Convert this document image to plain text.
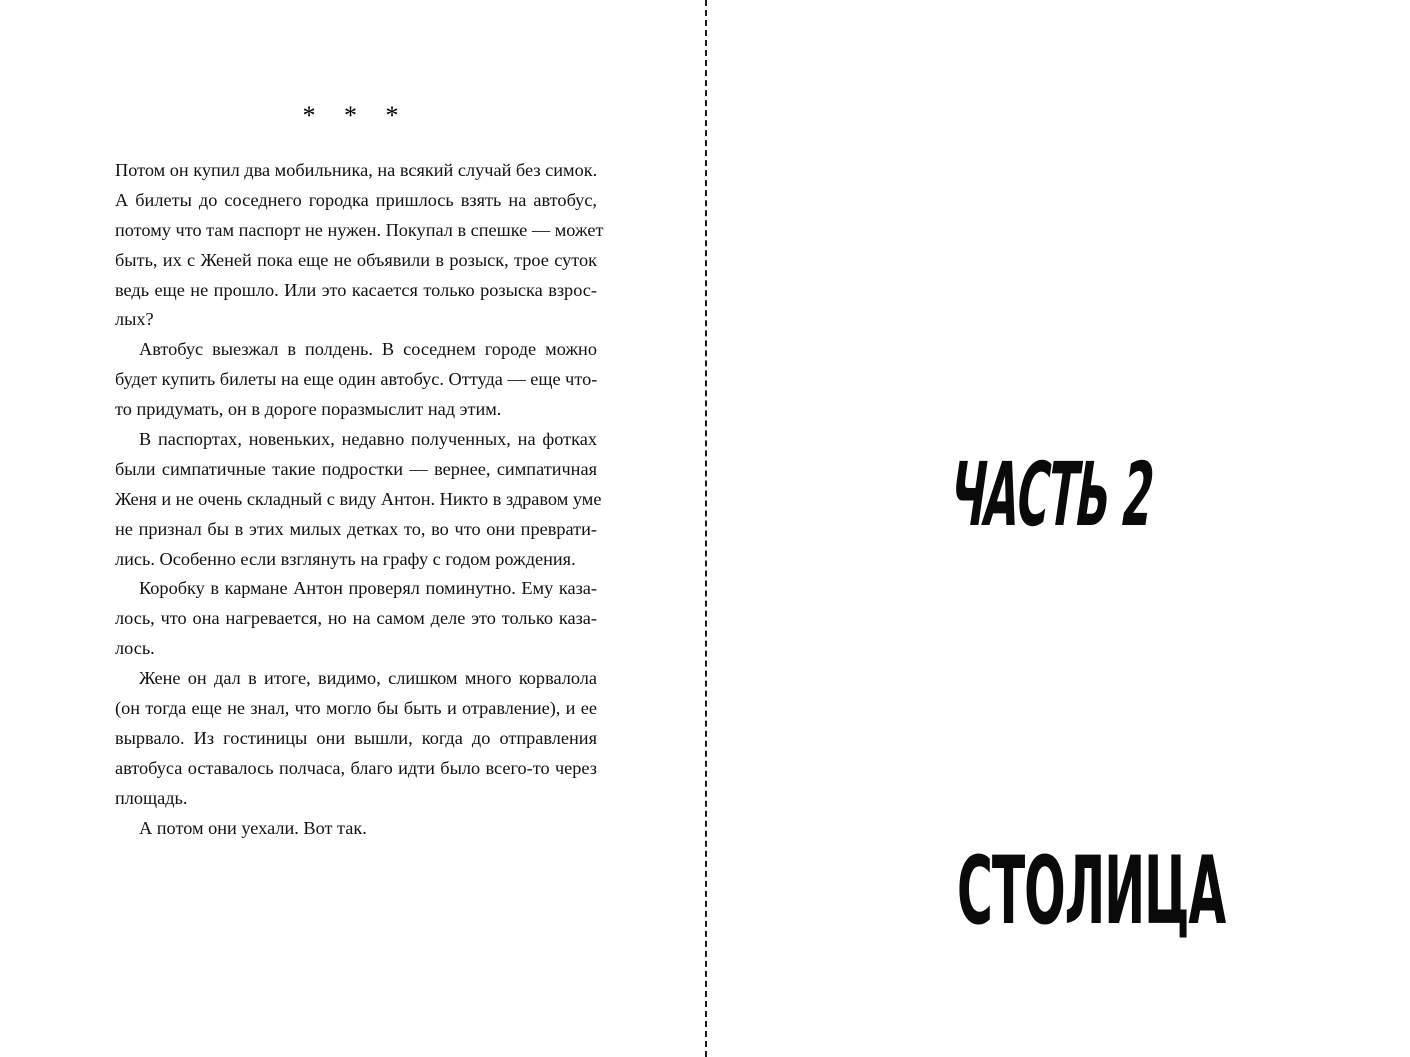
* * *
Потом он купил два мобильника, на всякий случай без симок.
А билеты до соседнего городка пришлось взять на автобус,
потому что там паспорт не нужен. Покупал в спешке — может
быть, их с Женей пока еще не объявили в розыск, трое суток
ведь еще не прошло. Или это касается только розыска взрос-
лых?
Автобус выезжал в полдень. В соседнем городе можно
будет купить билеты на еще один автобус. Оттуда — еще что-
то придумать, он в дороге поразмыслит над этим.
В паспортах, новеньких, недавно полученных, на фотках
были симпатичные такие подростки — вернее, симпатичная
Женя и не очень складный с виду Антон. Никто в здравом уме
не признал бы в этих милых детках то, во что они преврати-
лись. Особенно если взглянуть на графу с годом рождения.
Коробку в кармане Антон проверял поминутно. Ему каза-
лось, что она нагревается, но на самом деле это только каза-
лось.
Жене он дал в итоге, видимо, слишком много корвалола
(он тогда еще не знал, что могло бы быть и отравление), и ее
вырвало. Из гостиницы они вышли, когда до отправления
автобуса оставалось полчаса, благо идти было всего-то через
площадь.
А потом они уехали. Вот так.
ЧАСТЬ 2
СТОЛИЦА
